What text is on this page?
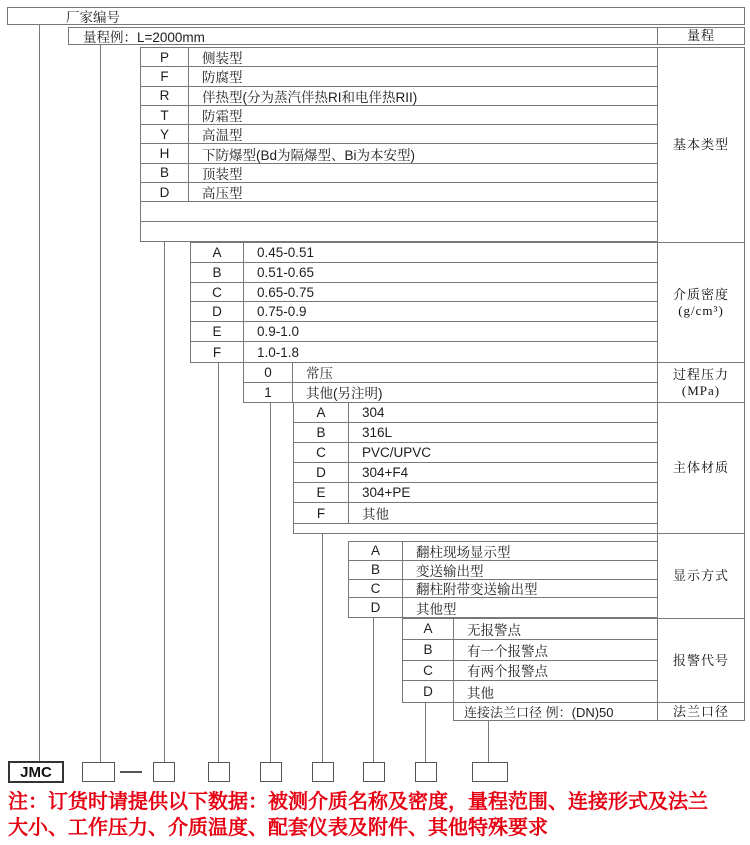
厂家编号
量程例：L=2000mm	量程
P	侧装型
F	防腐型
R	伴热型(分为蒸汽伴热RI和电伴热RII)
T	防霜型
Y	高温型
H	下防爆型(Bd为隔爆型、Bi为本安型)
B	顶装型
D	高压型
基本类型
A	0.45-0.51
B	0.51-0.65
C	0.65-0.75
D	0.75-0.9
E	0.9-1.0
F	1.0-1.8
介质密度
(g/cm³)
0	常压
1	其他(另注明)
过程压力
(MPa)
A	304
B	316L
C	PVC/UPVC
D	304+F4
E	304+PE
F	其他
主体材质
A	翻柱现场显示型
B	变送输出型
C	翻柱附带变送输出型
D	其他型
显示方式
A	无报警点
B	有一个报警点
C	有两个报警点
D	其他
报警代号
连接法兰口径 例：(DN)50	法兰口径
JMC
注：订货时请提供以下数据：被测介质名称及密度，量程范围、连接形式及法兰大小、工作压力、介质温度、配套仪表及附件、其他特殊要求
